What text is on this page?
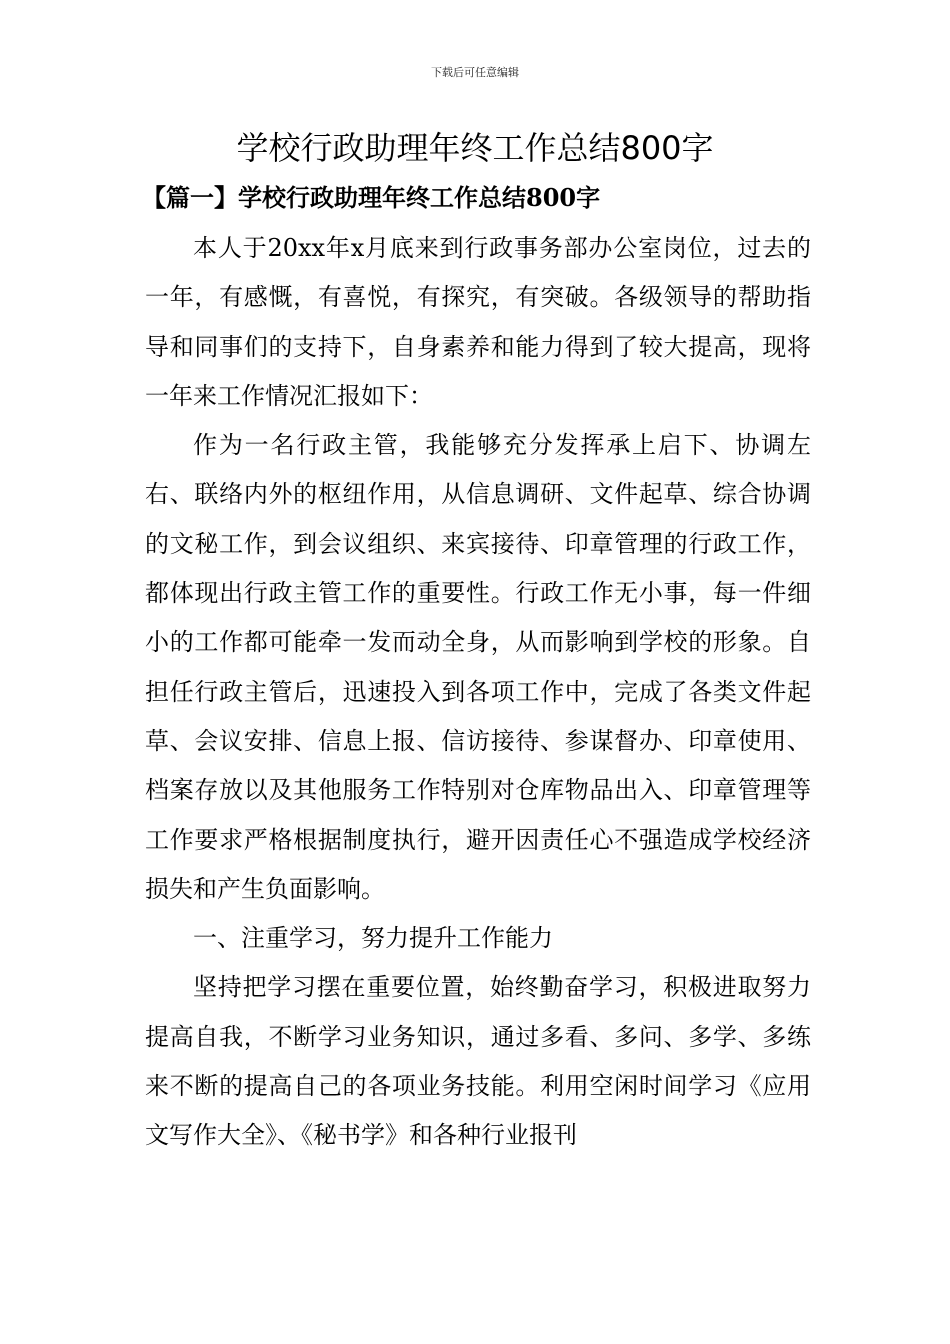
下载后可任意编辑
学校行政助理年终工作总结800字
【篇一】学校行政助理年终工作总结800字

本人于20xx年x月底来到行政事务部办公室岗位，过去的一年，有感慨，有喜悦，有探究，有突破。各级领导的帮助指导和同事们的支持下，自身素养和能力得到了较大提高，现将一年来工作情况汇报如下：

作为一名行政主管，我能够充分发挥承上启下、协调左右、联络内外的枢纽作用，从信息调研、文件起草、综合协调的文秘工作，到会议组织、来宾接待、印章管理的行政工作，都体现出行政主管工作的重要性。行政工作无小事，每一件细小的工作都可能牵一发而动全身，从而影响到学校的形象。自担任行政主管后，迅速投入到各项工作中，完成了各类文件起草、会议安排、信息上报、信访接待、参谋督办、印章使用、档案存放以及其他服务工作特别对仓库物品出入、印章管理等工作要求严格根据制度执行，避开因责任心不强造成学校经济损失和产生负面影响。

一、注重学习，努力提升工作能力

坚持把学习摆在重要位置，始终勤奋学习，积极进取努力提高自我，不断学习业务知识，通过多看、多问、多学、多练来不断的提高自己的各项业务技能。利用空闲时间学习《应用文写作大全》、《秘书学》和各种行业报刊
